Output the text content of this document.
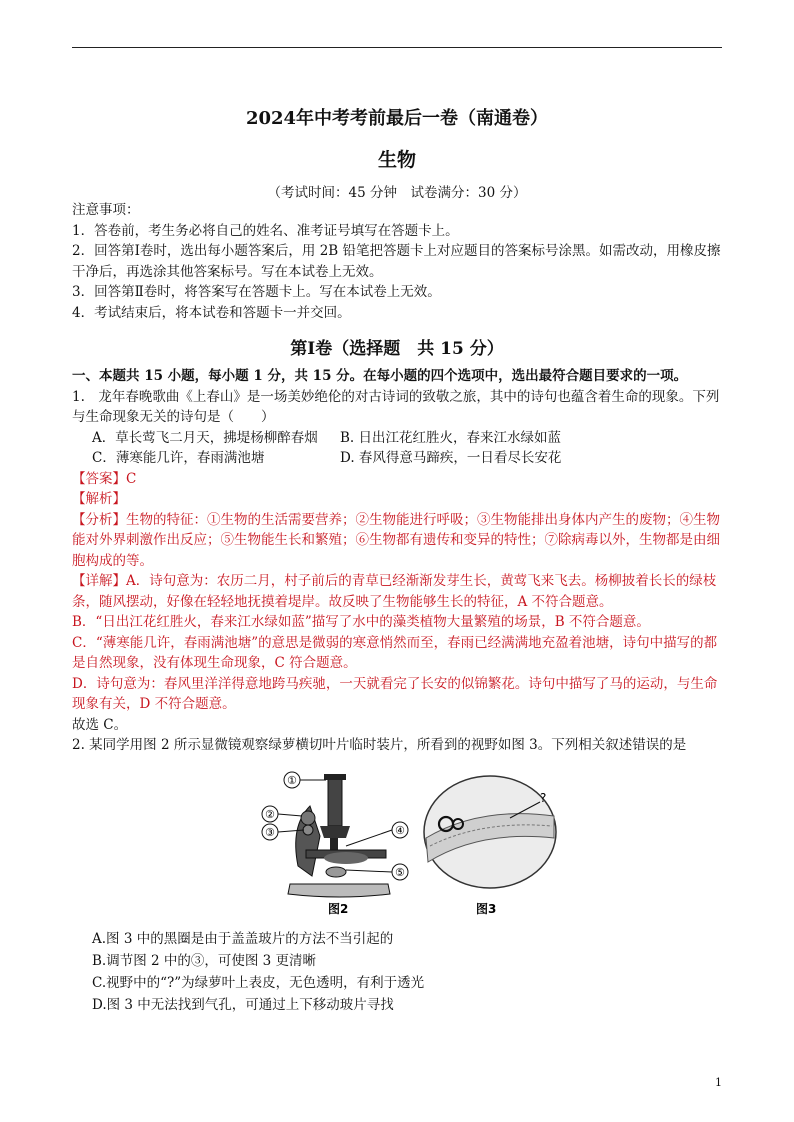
2024年中考考前最后一卷（南通卷）
生物
（考试时间：45 分钟　试卷满分：30 分）
注意事项：
1．答卷前，考生务必将自己的姓名、准考证号填写在答题卡上。
2．回答第Ⅰ卷时，选出每小题答案后，用 2B 铅笔把答题卡上对应题目的答案标号涂黑。如需改动，用橡皮擦干净后，再选涂其他答案标号。写在本试卷上无效。
3．回答第Ⅱ卷时，将答案写在答题卡上。写在本试卷上无效。
4．考试结束后，将本试卷和答题卡一并交回。
第Ⅰ卷（选择题　共 15 分）
一、本题共 15 小题，每小题 1 分，共 15 分。在每小题的四个选项中，选出最符合题目要求的一项。
1.　龙年春晚歌曲《上春山》是一场美妙绝伦的对古诗词的致敬之旅，其中的诗句也蕴含着生命的现象。下列与生命现象无关的诗句是（　　）
A．草长莺飞二月天，拂堤杨柳醉春烟	B. 日出江花红胜火，春来江水绿如蓝
C．薄寒能几许，春雨满池塘	D. 春风得意马蹄疾，一日看尽长安花
【答案】C
【解析】
【分析】生物的特征：①生物的生活需要营养；②生物能进行呼吸；③生物能排出身体内产生的废物；④生物能对外界刺激作出反应；⑤生物能生长和繁殖；⑥生物都有遗传和变异的特性；⑦除病毒以外，生物都是由细胞构成的等。
【详解】A．诗句意为：农历二月，村子前后的青草已经渐渐发芽生长，黄莺飞来飞去。杨柳披着长长的绿枝条，随风摆动，好像在轻轻地抚摸着堤岸。故反映了生物能够生长的特征，A 不符合题意。
B．“日出江花红胜火，春来江水绿如蓝”描写了水中的藻类植物大量繁殖的场景，B 不符合题意。
C．“薄寒能几许，春雨满池塘”的意思是微弱的寒意悄然而至，春雨已经满满地充盈着池塘，诗句中描写的都是自然现象，没有体现生命现象，C 符合题意。
D．诗句意为：春风里洋洋得意地跨马疾驰，一天就看完了长安的似锦繁花。诗句中描写了马的运动，与生命现象有关，D 不符合题意。
故选 C。
2. 某同学用图 2 所示显微镜观察绿萝横切叶片临时装片，所看到的视野如图 3。下列相关叙述错误的是
①
②
③	④
⑤
图2
?
图3
A.图 3 中的黑圈是由于盖盖玻片的方法不当引起的
B.调节图 2 中的③，可使图 3 更清晰
C.视野中的“?”为绿萝叶上表皮，无色透明，有利于透光
D.图 3 中无法找到气孔，可通过上下移动玻片寻找
1
